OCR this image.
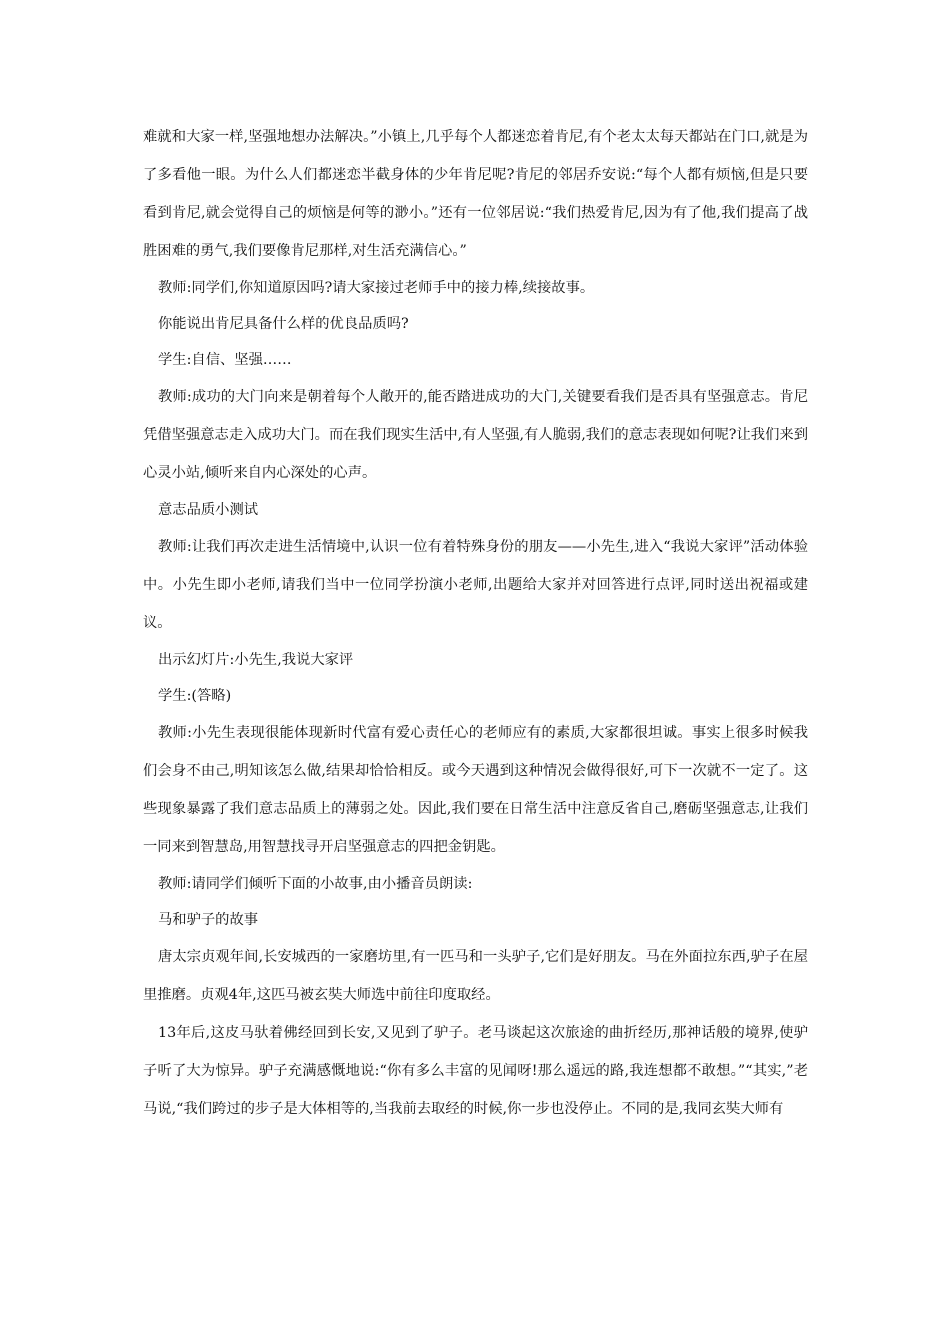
难就和大家一样,坚强地想办法解决。”小镇上,几乎每个人都迷恋着肯尼,有个老太太每天都站在门口,就是为了多看他一眼。为什么人们都迷恋半截身体的少年肯尼呢?肯尼的邻居乔安说:“每个人都有烦恼,但是只要看到肯尼,就会觉得自己的烦恼是何等的渺小。”还有一位邻居说:“我们热爱肯尼,因为有了他,我们提高了战胜困难的勇气,我们要像肯尼那样,对生活充满信心。”

教师:同学们,你知道原因吗?请大家接过老师手中的接力棒,续接故事。

你能说出肯尼具备什么样的优良品质吗?

学生:自信、坚强……

教师:成功的大门向来是朝着每个人敞开的,能否踏进成功的大门,关键要看我们是否具有坚强意志。肯尼凭借坚强意志走入成功大门。而在我们现实生活中,有人坚强,有人脆弱,我们的意志表现如何呢?让我们来到心灵小站,倾听来自内心深处的心声。

意志品质小测试

教师:让我们再次走进生活情境中,认识一位有着特殊身份的朋友——小先生,进入“我说大家评”活动体验中。小先生即小老师,请我们当中一位同学扮演小老师,出题给大家并对回答进行点评,同时送出祝福或建议。

出示幻灯片:小先生,我说大家评

学生:(答略)

教师:小先生表现很能体现新时代富有爱心责任心的老师应有的素质,大家都很坦诚。事实上很多时候我们会身不由己,明知该怎么做,结果却恰恰相反。或今天遇到这种情况会做得很好,可下一次就不一定了。这些现象暴露了我们意志品质上的薄弱之处。因此,我们要在日常生活中注意反省自己,磨砺坚强意志,让我们一同来到智慧岛,用智慧找寻开启坚强意志的四把金钥匙。

教师:请同学们倾听下面的小故事,由小播音员朗读:

马和驴子的故事

唐太宗贞观年间,长安城西的一家磨坊里,有一匹马和一头驴子,它们是好朋友。马在外面拉东西,驴子在屋里推磨。贞观4年,这匹马被玄奘大师选中前往印度取经。

13年后,这皮马驮着佛经回到长安,又见到了驴子。老马谈起这次旅途的曲折经历,那神话般的境界,使驴子听了大为惊异。驴子充满感慨地说:“你有多么丰富的见闻呀!那么遥远的路,我连想都不敢想。”“其实,”老马说,“我们跨过的步子是大体相等的,当我前去取经的时候,你一步也没停止。不同的是,我同玄奘大师有
